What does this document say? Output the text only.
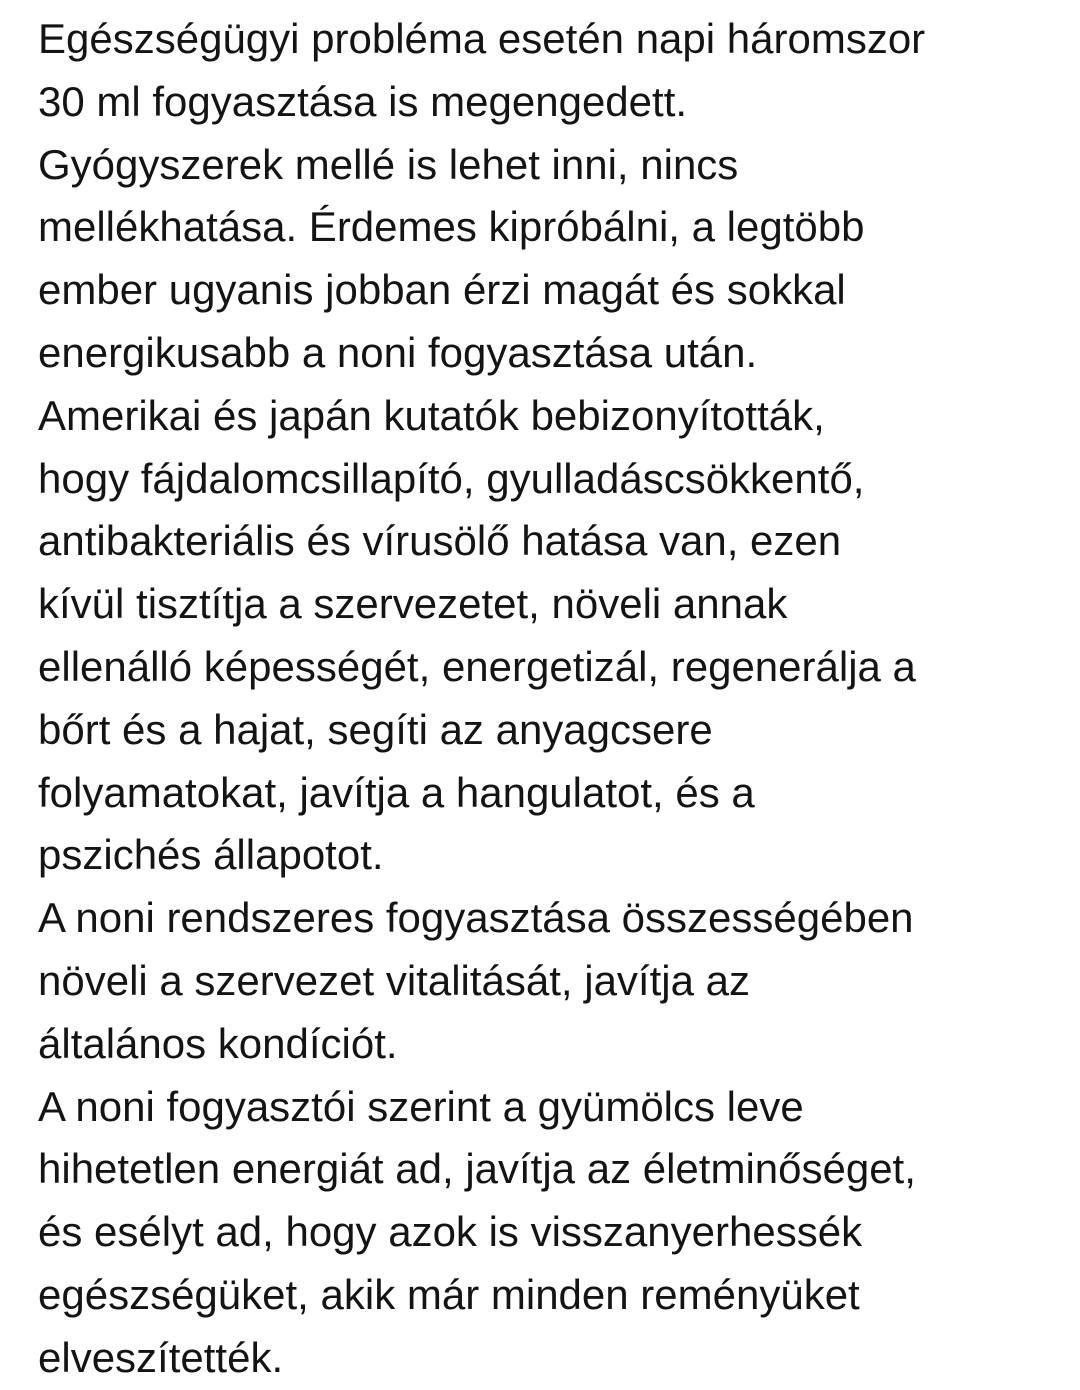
Egészségügyi probléma esetén napi háromszor
30 ml fogyasztása is megengedett.
Gyógyszerek mellé is lehet inni, nincs
mellékhatása. Érdemes kipróbálni, a legtöbb
ember ugyanis jobban érzi magát és sokkal
energikusabb a noni fogyasztása után.
Amerikai és japán kutatók bebizonyították,
hogy fájdalomcsillapító, gyulladáscsökkentő,
antibakteriális és vírusölő hatása van, ezen
kívül tisztítja a szervezetet, növeli annak
ellenálló képességét, energetizál, regenerálja a
bőrt és a hajat, segíti az anyagcsere
folyamatokat, javítja a hangulatot, és a
pszichés állapotot.
A noni rendszeres fogyasztása összességében
növeli a szervezet vitalitását, javítja az
általános kondíciót.
A noni fogyasztói szerint a gyümölcs leve
hihetetlen energiát ad, javítja az életminőséget,
és esélyt ad, hogy azok is visszanyerhessék
egészségüket, akik már minden reményüket
elveszítették.
